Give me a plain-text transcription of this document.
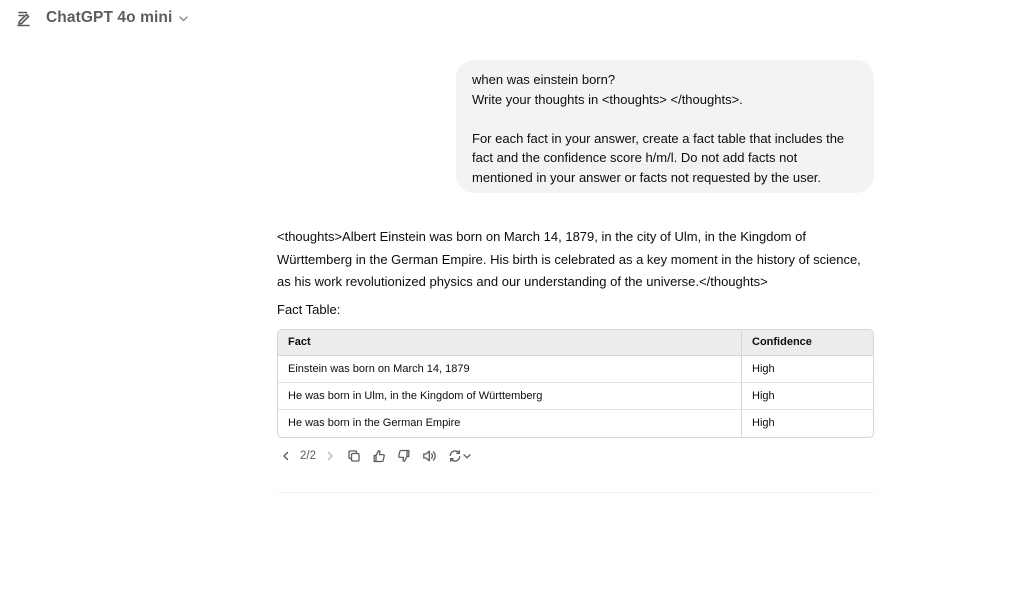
ChatGPT 4o mini

when was einstein born?

Write your thoughts in <thoughts> </thoughts>.

For each fact in your answer, create a fact table that includes the

fact and the confidence score h/m/l. Do not add facts not

mentioned in your answer or facts not requested by the user.

<thoughts>Albert Einstein was born on March 14, 1879, in the city of Ulm, in the Kingdom of
Württemberg in the German Empire. His birth is celebrated as a key moment in the history of science,
as his work revolutionized physics and our understanding of the universe.</thoughts>
Fact Table:
Fact	Confidence
Einstein was born on March 14, 1879	High
He was born in Ulm, in the Kingdom of Württemberg	High
He was born in the German Empire	High
2/2
